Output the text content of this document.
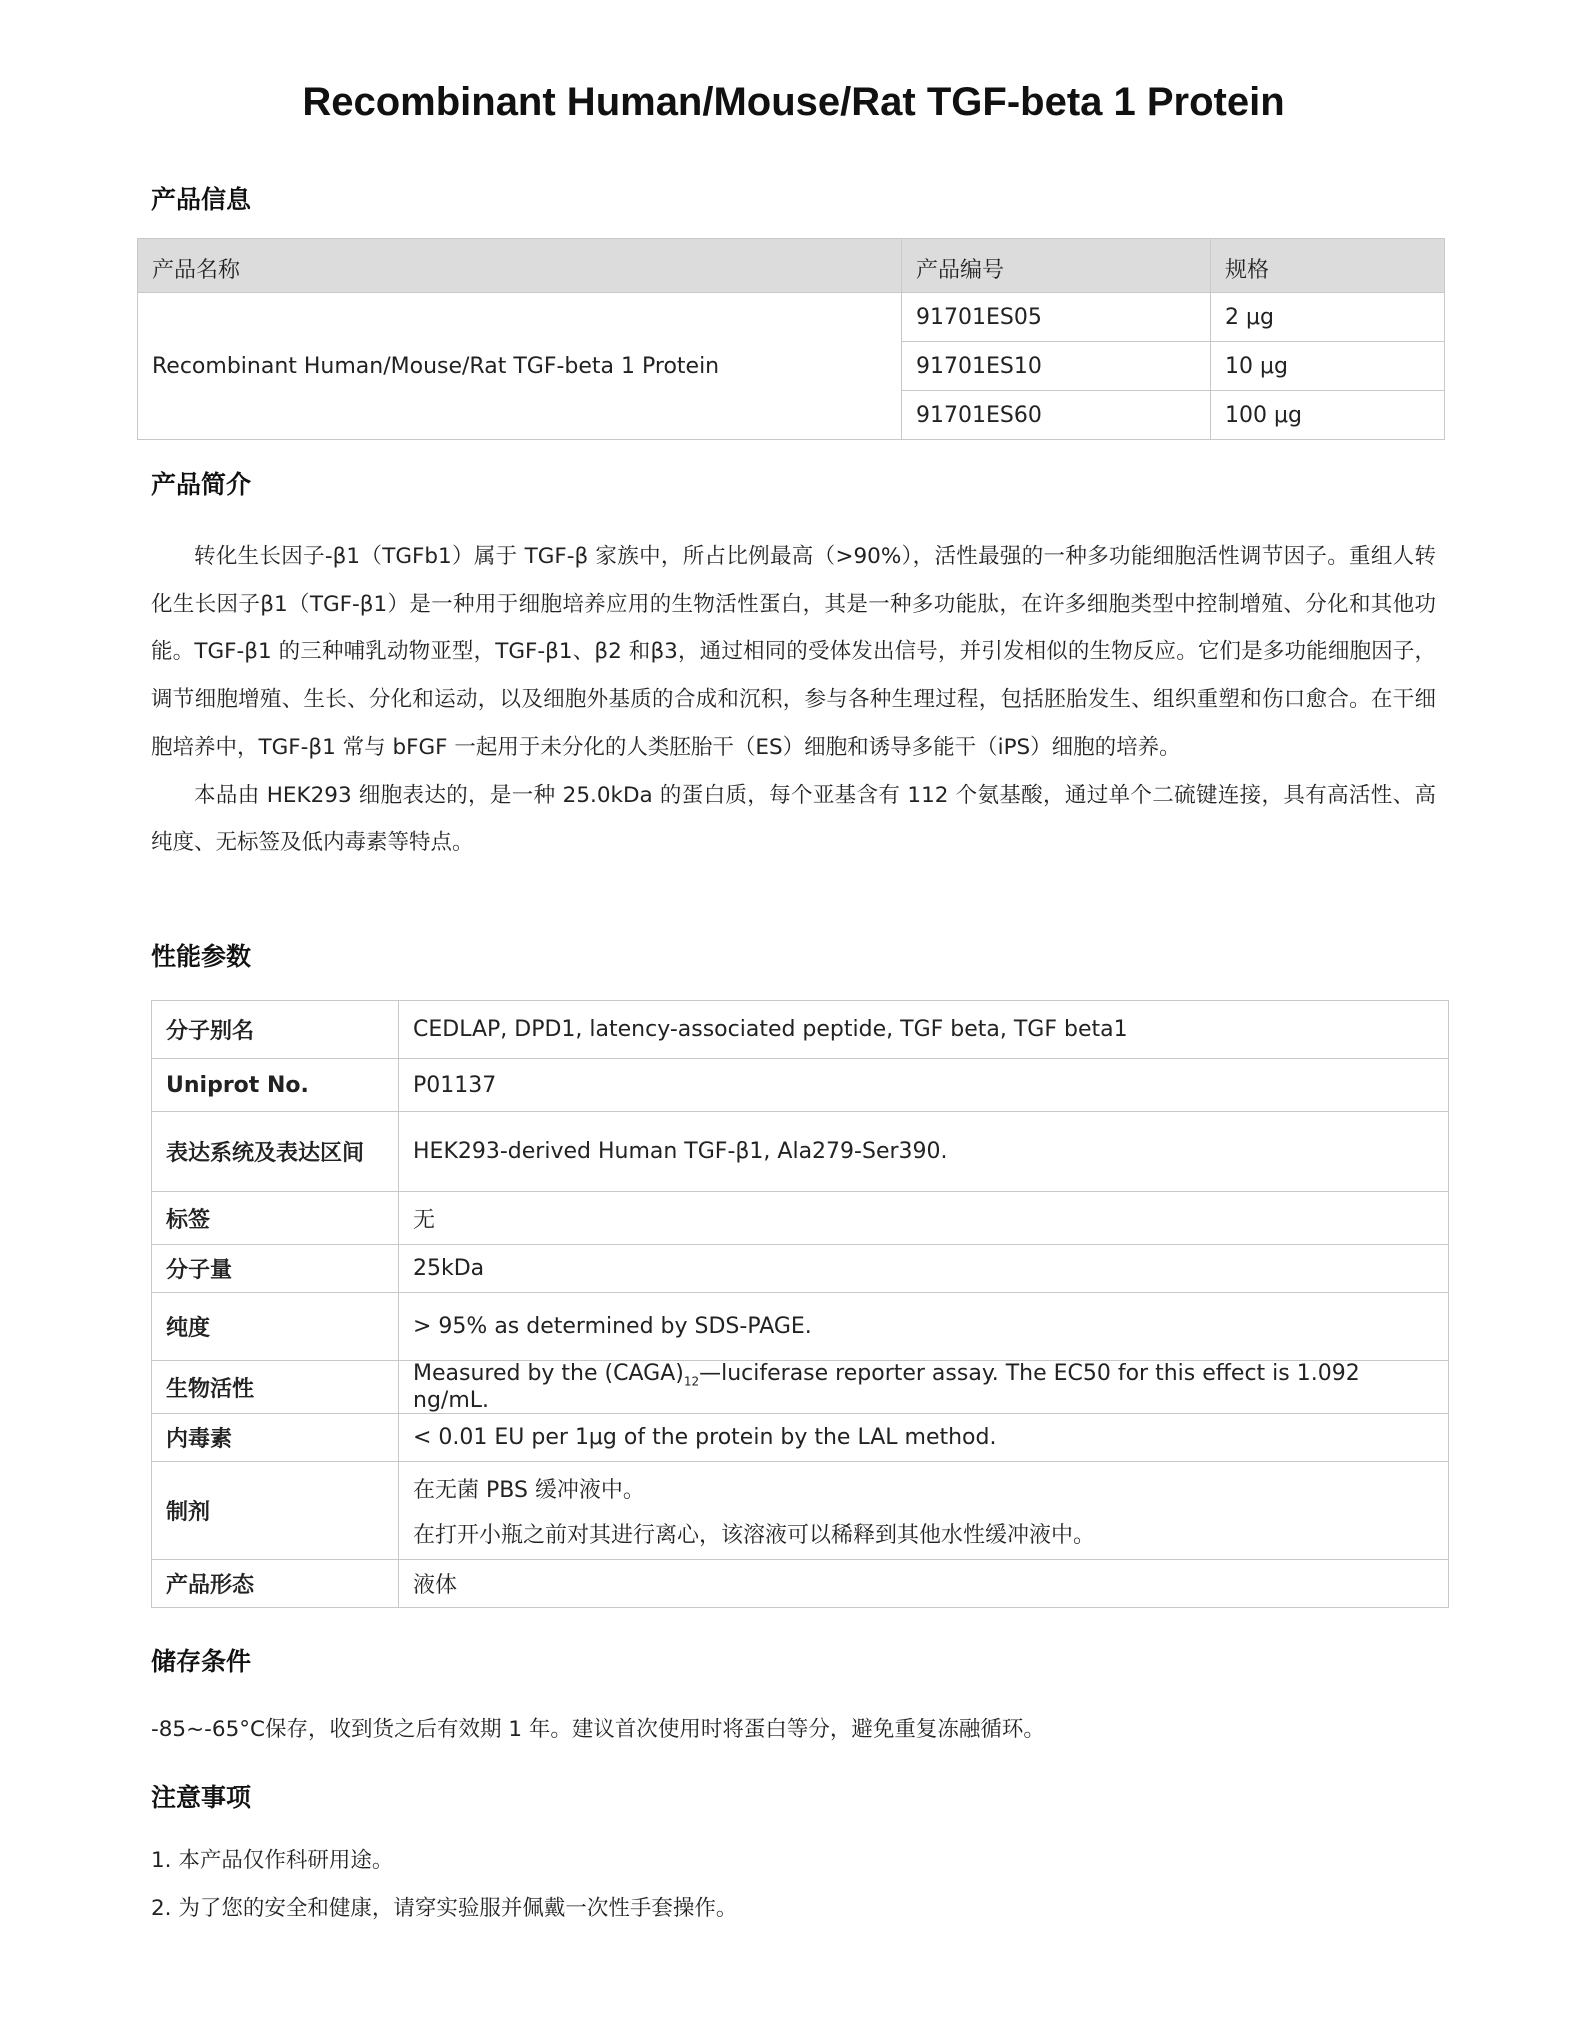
Recombinant Human/Mouse/Rat TGF-beta 1 Protein
产品信息
产品名称	产品编号	规格
Recombinant Human/Mouse/Rat TGF-beta 1 Protein	91701ES05	2 μg
	91701ES10	10 μg
	91701ES60	100 μg
产品简介

转化生长因子-β1（TGFb1）属于 TGF-β 家族中，所占比例最高（>90%），活性最强的一种多功能细胞活性调节因子。重组人转化生长因子β1（TGF-β1）是一种用于细胞培养应用的生物活性蛋白，其是一种多功能肽，在许多细胞类型中控制增殖、分化和其他功能。TGF-β1 的三种哺乳动物亚型，TGF-β1、β2 和β3，通过相同的受体发出信号，并引发相似的生物反应。它们是多功能细胞因子，调节细胞增殖、生长、分化和运动，以及细胞外基质的合成和沉积，参与各种生理过程，包括胚胎发生、组织重塑和伤口愈合。在干细胞培养中，TGF-β1 常与 bFGF 一起用于未分化的人类胚胎干（ES）细胞和诱导多能干（iPS）细胞的培养。

本品由 HEK293 细胞表达的，是一种 25.0kDa 的蛋白质，每个亚基含有 112 个氨基酸，通过单个二硫键连接，具有高活性、高纯度、无标签及低内毒素等特点。

性能参数
分子别名	CEDLAP, DPD1, latency-associated peptide, TGF beta, TGF beta1
Uniprot No.	P01137
表达系统及表达区间	HEK293-derived Human TGF-β1, Ala279-Ser390.
标签	无
分子量	25kDa
纯度	> 95% as determined by SDS-PAGE.
生物活性	Measured by the $(CAGA)_{12}—luciferase$ reporter assay. The EC50 for this effect is 1.092 ng/mL.
内毒素	< 0.01 EU per 1μg of the protein by the LAL method.
制剂	在无菌 PBS 缓冲液中。
在打开小瓶之前对其进行离心，该溶液可以稀释到其他水性缓冲液中。

产品形态	液体
储存条件
-85~-65°C保存，收到货之后有效期 1 年。建议首次使用时将蛋白等分，避免重复冻融循环。
注意事项
1. 本产品仅作科研用途。
2. 为了您的安全和健康，请穿实验服并佩戴一次性手套操作。
